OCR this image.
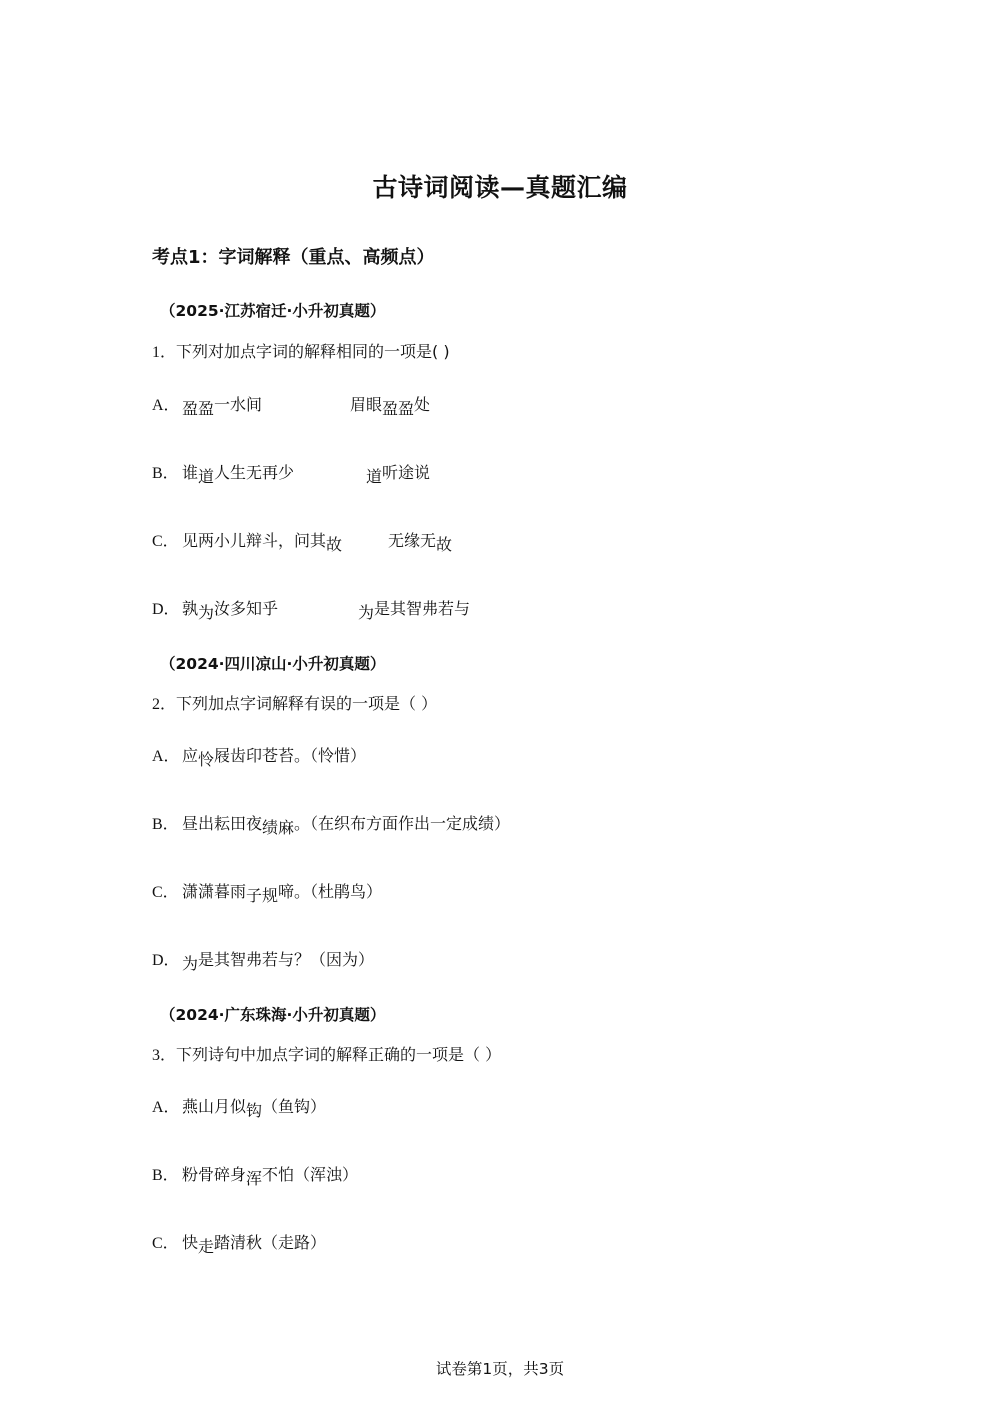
古诗词阅读—真题汇编
考点1：字词解释（重点、高频点）
（2025·江苏宿迁·小升初真题）
1．下列对加点字词的解释相同的一项是( )
A． 盈盈一水间	眉眼盈盈处
B． 谁道人生无再少	道听途说
C． 见两小儿辩斗，问其故	无缘无故
D． 孰为汝多知乎	为是其智弗若与
（2024·四川凉山·小升初真题）
2．下列加点字词解释有误的一项是（ ）
A． 应怜屐齿印苍苔。（怜惜）
B． 昼出耘田夜绩麻。（在织布方面作出一定成绩）
C． 潇潇暮雨子规啼。（杜鹃鸟）
D． 为是其智弗若与？（因为）
（2024·广东珠海·小升初真题）
3．下列诗句中加点字词的解释正确的一项是（ ）
A． 燕山月似钩（鱼钩）
B． 粉骨碎身浑不怕（浑浊）
C． 快走踏清秋（走路）
试卷第1页，共3页
